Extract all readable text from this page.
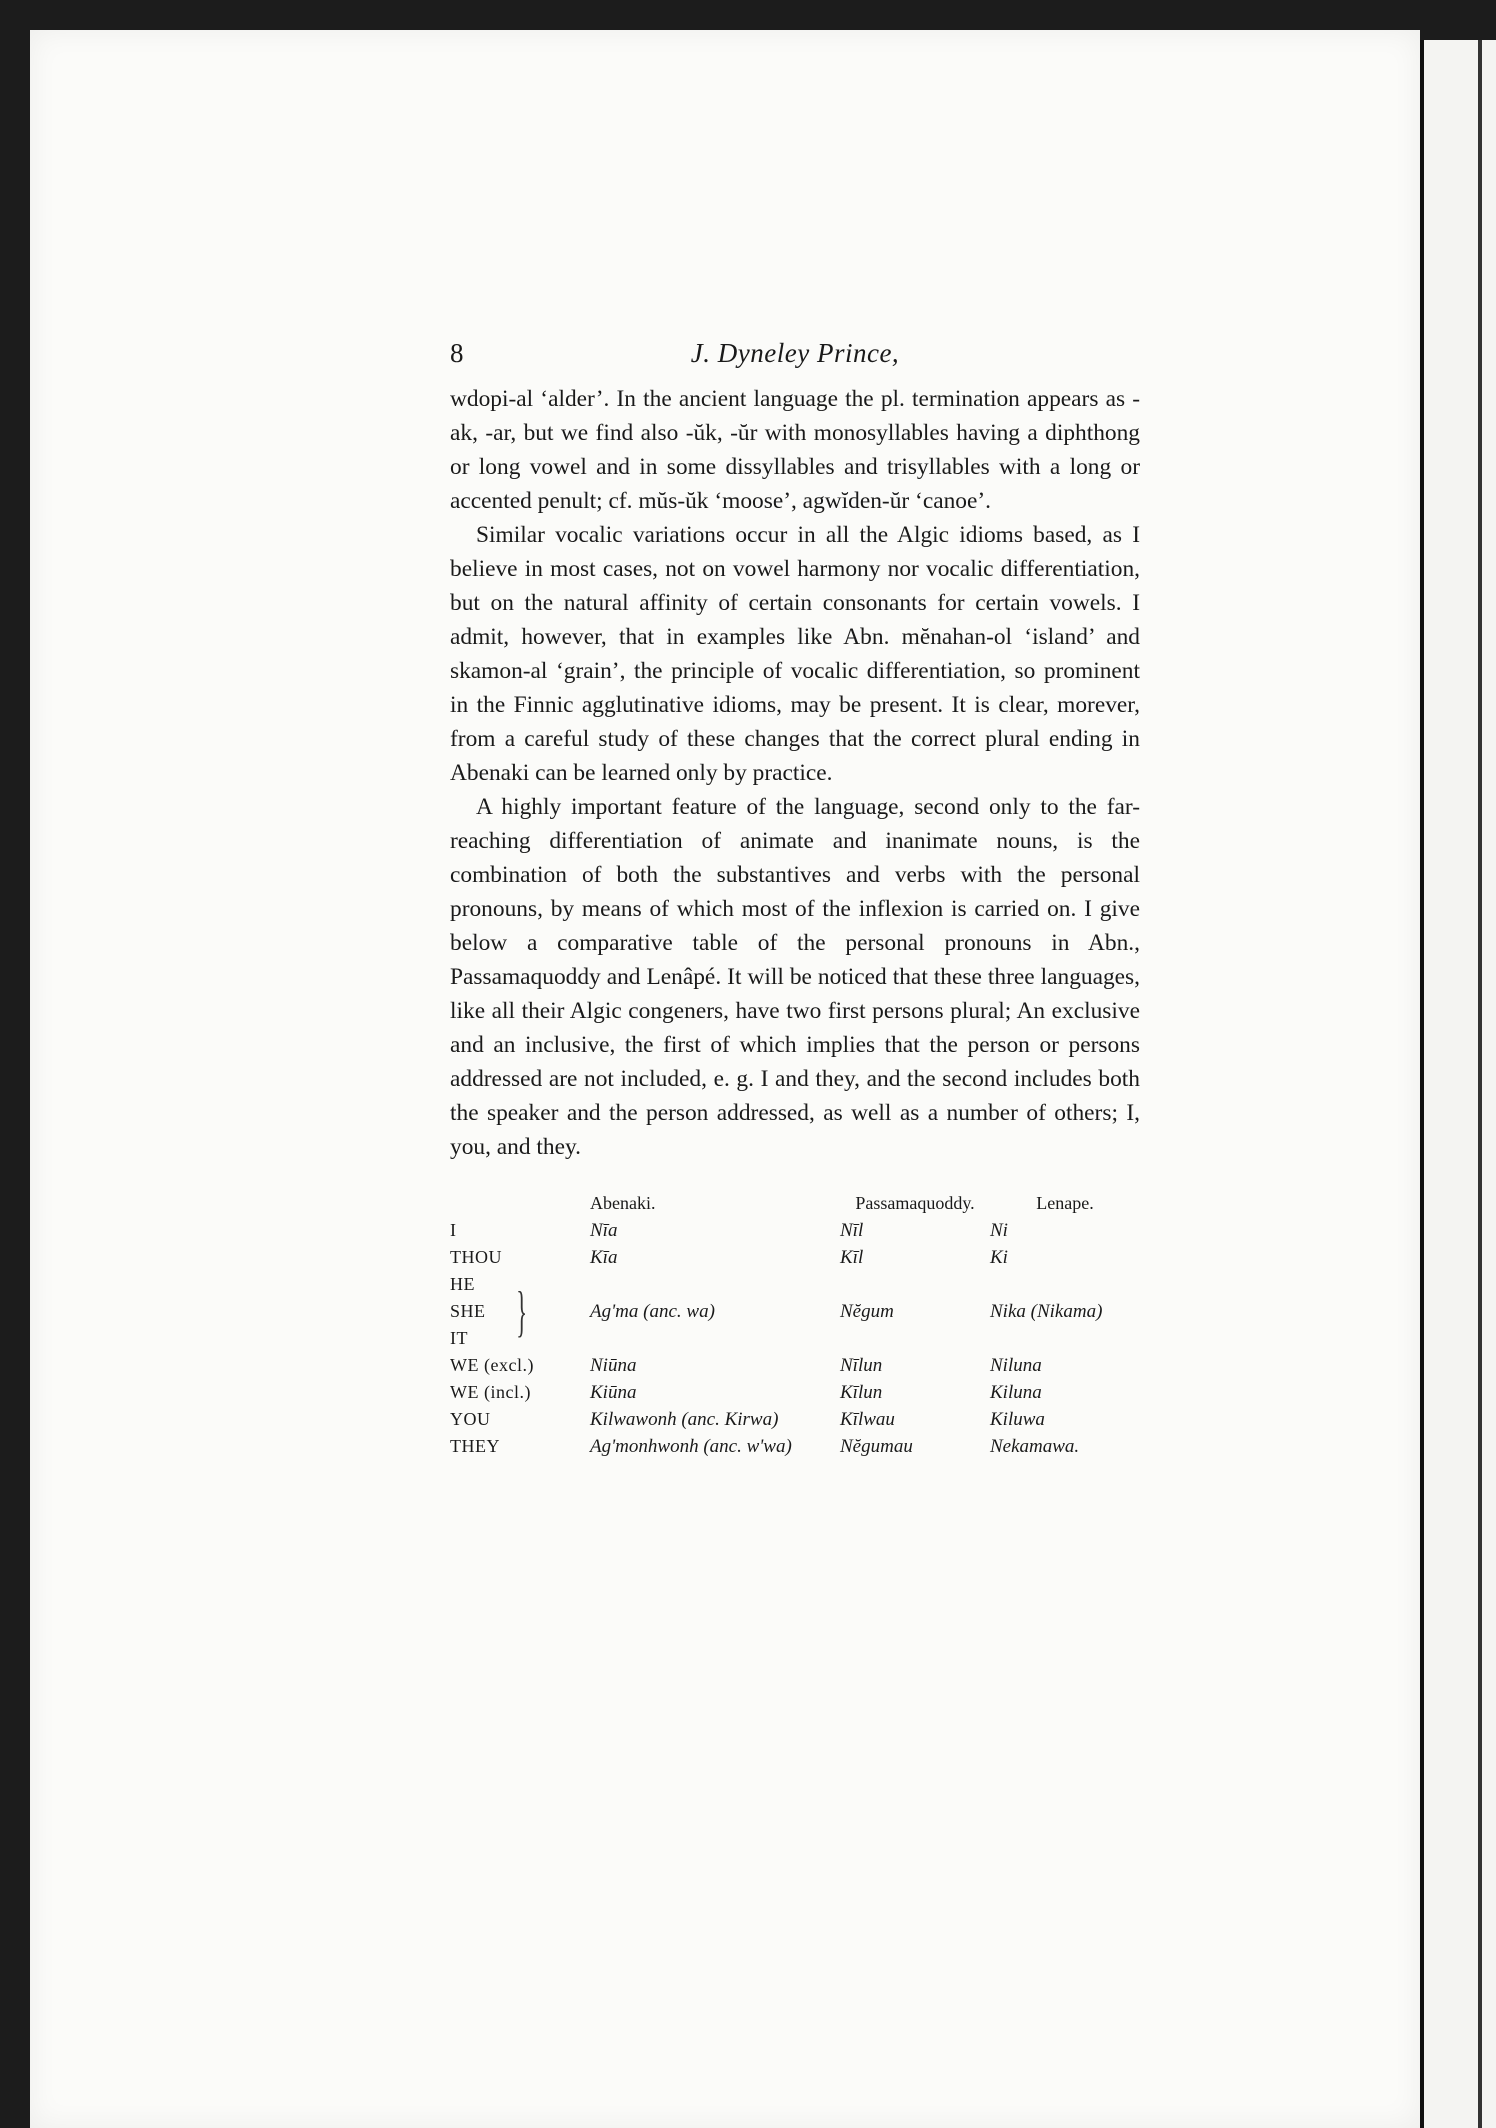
8	J. Dyneley Prince,

wdopi-al ‘alder’. In the ancient language the pl. termination appears as -ak, -ar, but we find also -ŭk, -ŭr with monosyllables having a diphthong or long vowel and in some dissyllables and trisyllables with a long or accented penult; cf. mŭs-ŭk ‘moose’, agwĭden-ŭr ‘canoe’.

Similar vocalic variations occur in all the Algic idioms based, as I believe in most cases, not on vowel harmony nor vocalic differentiation, but on the natural affinity of certain consonants for certain vowels. I admit, however, that in examples like Abn. mĕnahan-ol ‘island’ and skamon-al ‘grain’, the principle of vocalic differentiation, so prominent in the Finnic agglutinative idioms, may be present. It is clear, morever, from a careful study of these changes that the correct plural ending in Abenaki can be learned only by practice.

A highly important feature of the language, second only to the far-reaching differentiation of animate and inanimate nouns, is the combination of both the substantives and verbs with the personal pronouns, by means of which most of the inflexion is carried on. I give below a comparative table of the personal pronouns in Abn., Passamaquoddy and Lenâpé. It will be noticed that these three languages, like all their Algic congeners, have two first persons plural; An exclusive and an inclusive, the first of which implies that the person or persons addressed are not included, e. g. I and they, and the second includes both the speaker and the person addressed, as well as a number of others; I, you, and they.

	Abenaki.	Passamaquoddy.	Lenape.
I	Nīa	Nīl	Ni
THOU	Kīa	Kīl	Ki
HE			
SHE }	Ag'ma (anc. wa)	Nĕgum	Nika (Nikama)
IT			
WE (excl.)	Niūna	Nīlun	Niluna
WE (incl.)	Kiūna	Kīlun	Kiluna
YOU	Kilwawonh (anc. Kirwa)	Kīlwau	Kiluwa
THEY	Ag'monhwonh (anc. w'wa)	Nĕgumau	Nekamawa.
